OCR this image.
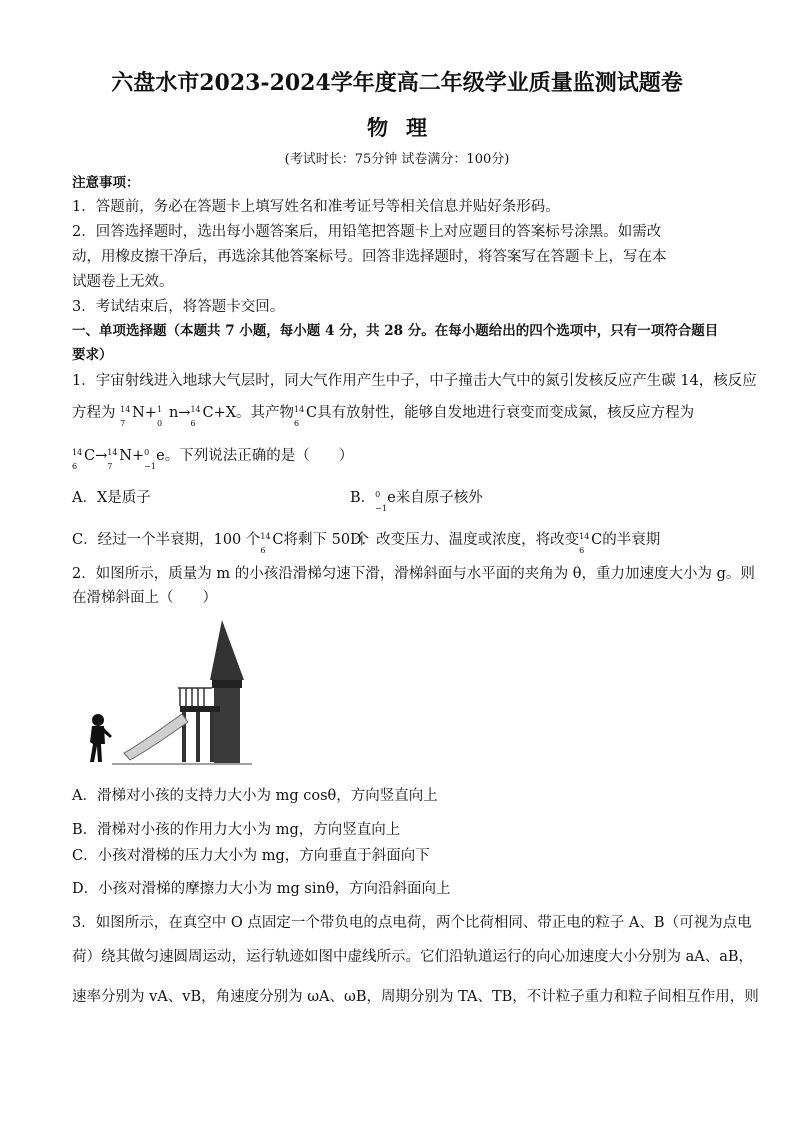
六盘水市2023-2024学年度高二年级学业质量监测试题卷
物理
(考试时长：75分钟 试卷满分：100分)
注意事项：
1．答题前，务必在答题卡上填写姓名和准考证号等相关信息并贴好条形码。
2．回答选择题时，选出每小题答案后，用铅笔把答题卡上对应题目的答案标号涂黑。如需改
动，用橡皮擦干净后，再选涂其他答案标号。回答非选择题时，将答案写在答题卡上，写在本
试题卷上无效。
3．考试结束后，将答题卡交回。
一、单项选择题（本题共 7 小题，每小题 4 分，共 28 分。在每小题给出的四个选项中，只有一项符合题目
要求）
1．宇宙射线进入地球大气层时，同大气作用产生中子，中子撞击大气中的氮引发核反应产生碳 14，核反应
方程为 14
7
N+ 1
0
n→ 14
6
C+X。其产物 14
6
C具有放射性，能够自发地进行衰变而变成氮，核反应方程为
14
6
C→ 14
7
N+ 0
−1
e。下列说法正确的是（　　）
A．X是质子	B． 0
−1
e来自原子核外
C．经过一个半衰期，100 个 14
6
C将剩下 50 个
D．改变压力、温度或浓度，将改变 14
6
C的半衰期
2．如图所示，质量为 m 的小孩沿滑梯匀速下滑，滑梯斜面与水平面的夹角为 θ，重力加速度大小为 g。则
在滑梯斜面上（　　）
A．滑梯对小孩的支持力大小为 mg cosθ，方向竖直向上
B．滑梯对小孩的作用力大小为 mg，方向竖直向上
C．小孩对滑梯的压力大小为 mg，方向垂直于斜面向下
D．小孩对滑梯的摩擦力大小为 mg sinθ，方向沿斜面向上
3．如图所示，在真空中 O 点固定一个带负电的点电荷，两个比荷相同、带正电的粒子 A、B（可视为点电
荷）绕其做匀速圆周运动，运行轨迹如图中虚线所示。它们沿轨道运行的向心加速度大小分别为 aA、aB，
速率分别为 vA、vB，角速度分别为 ωA、ωB，周期分别为 TA、TB，不计粒子重力和粒子间相互作用，则
